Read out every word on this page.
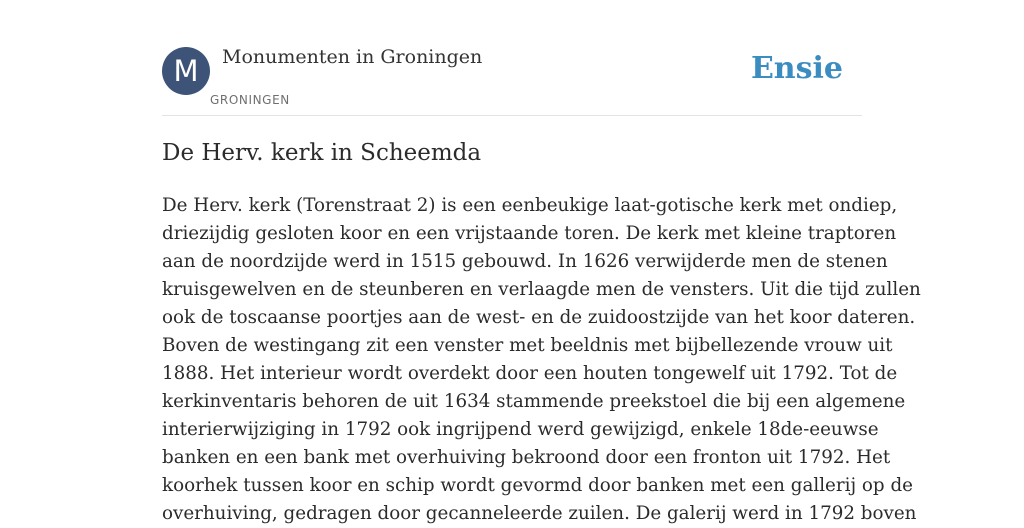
M	Monumenten in Groningen
GRONINGEN
Ensie
De Herv. kerk in Scheemda
De Herv. kerk (Torenstraat 2) is een eenbeukige laat-gotische kerk met ondiep,
driezijdig gesloten koor en een vrijstaande toren. De kerk met kleine traptoren
aan de noordzijde werd in 1515 gebouwd. In 1626 verwijderde men de stenen
kruisgewelven en de steunberen en verlaagde men de vensters. Uit die tijd zullen
ook de toscaanse poortjes aan de west- en de zuidoostzijde van het koor dateren.
Boven de westingang zit een venster met beeldnis met bijbellezende vrouw uit
1888. Het interieur wordt overdekt door een houten tongewelf uit 1792. Tot de
kerkinventaris behoren de uit 1634 stammende preekstoel die bij een algemene
interierwijziging in 1792 ook ingrijpend werd gewijzigd, enkele 18de-eeuwse
banken en een bank met overhuiving bekroond door een fronton uit 1792. Het
koorhek tussen koor en schip wordt gevormd door banken met een gallerij op de
overhuiving, gedragen door gecanneleerde zuilen. De galerij werd in 1792 boven
